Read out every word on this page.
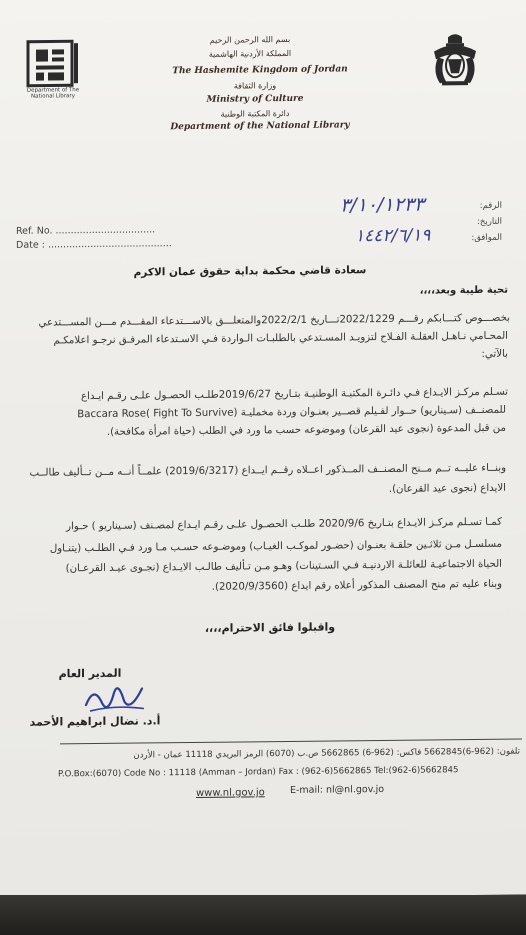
Department of The National Library
بسم الله الرحمن الرحيم
المملكة الأردنية الهاشمية
The Hashemite Kingdom of Jordan
وزارة الثقافة
Ministry of Culture
دائرة المكتبة الوطنية
Department of the National Library
Ref. No. .................................
Date : .........................................
الرقم:
التاريخ:
الموافق:
٣/١٠/١٢٣٣
١٤٤٢/٦/١٩
سعادة قاضي محكمة بداية حقوق عمان الاكرم
تحية طيبة وبعد،،،،
بخصـــوص كتـــابكم رقـــم 2022/1229تـــاريخ 2022/2/1والمتعلـــق بالاســـتدعاء المقـــدم مـــن المســـتدعي
المحـامي نـاهـل العقلـة الفـلاح لتزويـد المسـتدعي بالطلبـات الـواردة فـي الاسـتدعاء المرفـق نرجـو اعلامكـم
بالآتي:
تسـلم مركـز الايـداع فـي دائـرة المكتبـة الوطنيـة بتـاريخ 2019/6/27طلـب الحصـول علـى رقـم ايـداع
للمصنــف (سـيناريو) حــوار لفـيلم قصــير بعنـوان وردة مخمليـة (Baccara Rose( Fight To Survive
من قبل المدعوة (نجوى عيد القرعان) وموضوعه حسب ما ورد في الطلب (حياة امرأة مكافحة).
وبنــاء عليــه تــم مــنح المصنــف المــذكور اعــلاه رقــم ايــداع (2019/6/3217) علمــاً أنــه مــن تــأليف طالــب
الايداع (نجوى عيد القرعان).
كمـا تسـلم مركـز الايـداع بتـاريخ 2020/9/6 طلـب الحصـول علـى رقـم ايـداع لمصـنف (سـيناريو ) حـوار
مسلسـل مـن ثلاثـين حلقـة بعنـوان (حضـور لموكـب الغيـاب) وموضـوعه حسـب مـا ورد فـي الطلـب (يتنـاول
الحياة الاجتماعيـة للعائلـة الاردنيـة فـي السـتينات) وهـو مـن تـأليف طالـب الايـداع (نجـوى عيـد القرعـان)
وبناء عليه تم منح المصنف المذكور أعلاه رقم ايداع (2020/9/3560).
واقبلوا فائق الاحترام،،،،
المدير العام
أ.د. نضال ابراهيم الأحمد
تلفون: (962-6)5662845 فاكس: (962-6) 5662865 ص.ب (6070) الرمز البريدي 11118 عمان - الأردن
P.O.Box:(6070) Code No : 11118 (Amman – Jordan) Fax : (962-6)5662865 Tel:(962-6)5662845
www.nl.gov.jo	E-mail: nl@nl.gov.jo
